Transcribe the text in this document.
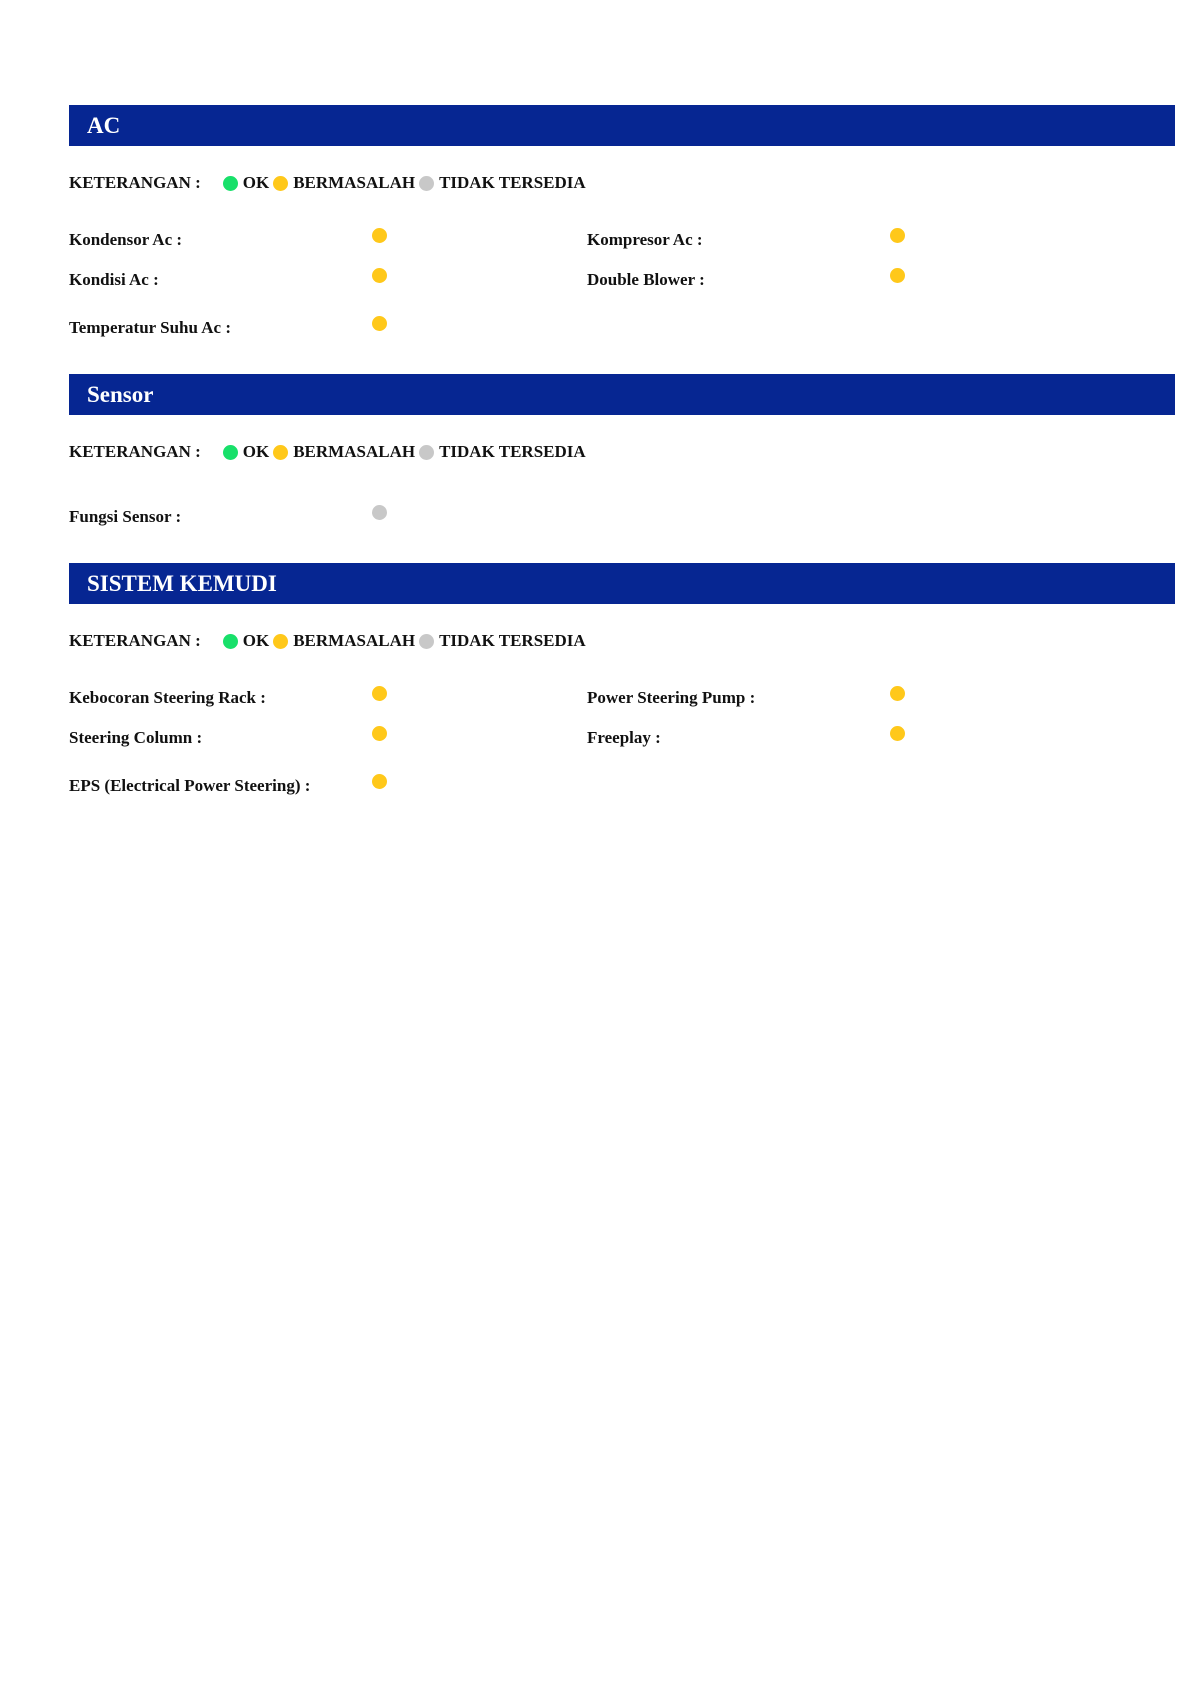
AC
KETERANGAN : OK BERMASALAH TIDAK TERSEDIA
Kondensor Ac :	Kompresor Ac :
Kondisi Ac :	Double Blower :
Temperatur Suhu Ac :
Sensor
KETERANGAN : OK BERMASALAH TIDAK TERSEDIA
Fungsi Sensor :
SISTEM KEMUDI
KETERANGAN : OK BERMASALAH TIDAK TERSEDIA
Kebocoran Steering Rack :	Power Steering Pump :
Steering Column :	Freeplay :
EPS (Electrical Power Steering) :
